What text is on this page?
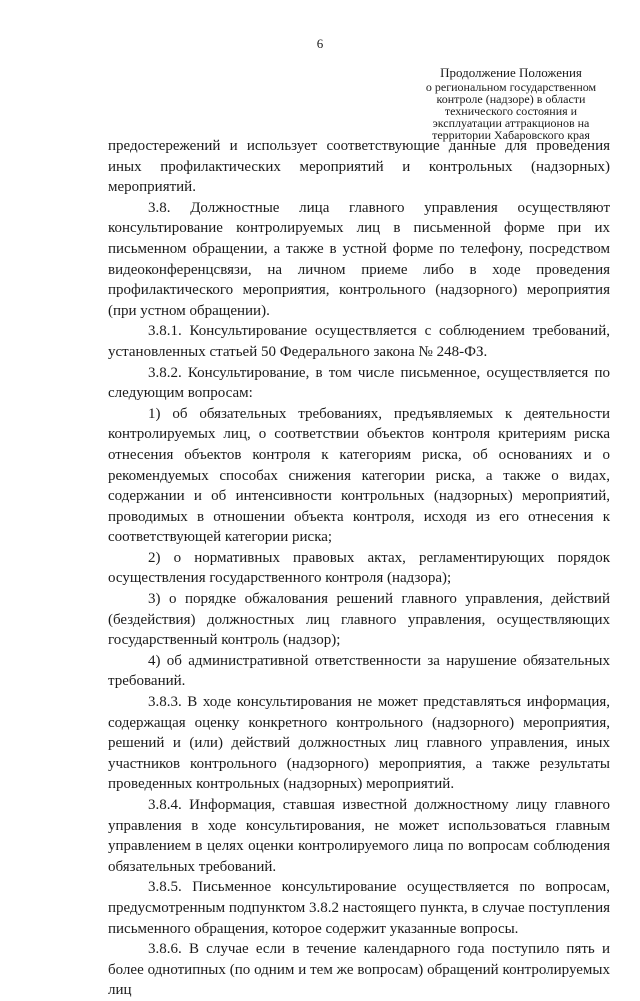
6
Продолжение Положения
о региональном государственном
контроле (надзоре) в области
технического состояния и
эксплуатации аттракционов на
территории Хабаровского края

предостережений и использует соответствующие данные для проведения иных профилактических мероприятий и контрольных (надзорных) мероприятий.

3.8. Должностные лица главного управления осуществляют консультирование контролируемых лиц в письменной форме при их письменном обращении, а также в устной форме по телефону, посредством видеоконференцсвязи, на личном приеме либо в ходе проведения профилактического мероприятия, контрольного (надзорного) мероприятия (при устном обращении).

3.8.1. Консультирование осуществляется с соблюдением требований, установленных статьей 50 Федерального закона № 248-ФЗ.

3.8.2. Консультирование, в том числе письменное, осуществляется по следующим вопросам:

1) об обязательных требованиях, предъявляемых к деятельности контролируемых лиц, о соответствии объектов контроля критериям риска отнесения объектов контроля к категориям риска, об основаниях и о рекомендуемых способах снижения категории риска, а также о видах, содержании и об интенсивности контрольных (надзорных) мероприятий, проводимых в отношении объекта контроля, исходя из его отнесения к соответствующей категории риска;

2) о нормативных правовых актах, регламентирующих порядок осуществления государственного контроля (надзора);

3) о порядке обжалования решений главного управления, действий (бездействия) должностных лиц главного управления, осуществляющих государственный контроль (надзор);

4) об административной ответственности за нарушение обязательных требований.

3.8.3. В ходе консультирования не может представляться информация, содержащая оценку конкретного контрольного (надзорного) мероприятия, решений и (или) действий должностных лиц главного управления, иных участников контрольного (надзорного) мероприятия, а также результаты проведенных контрольных (надзорных) мероприятий.

3.8.4. Информация, ставшая известной должностному лицу главного управления в ходе консультирования, не может использоваться главным управлением в целях оценки контролируемого лица по вопросам соблюдения обязательных требований.

3.8.5. Письменное консультирование осуществляется по вопросам, предусмотренным подпунктом 3.8.2 настоящего пункта, в случае поступления письменного обращения, которое содержит указанные вопросы.

3.8.6. В случае если в течение календарного года поступило пять и более однотипных (по одним и тем же вопросам) обращений контролируемых лиц
